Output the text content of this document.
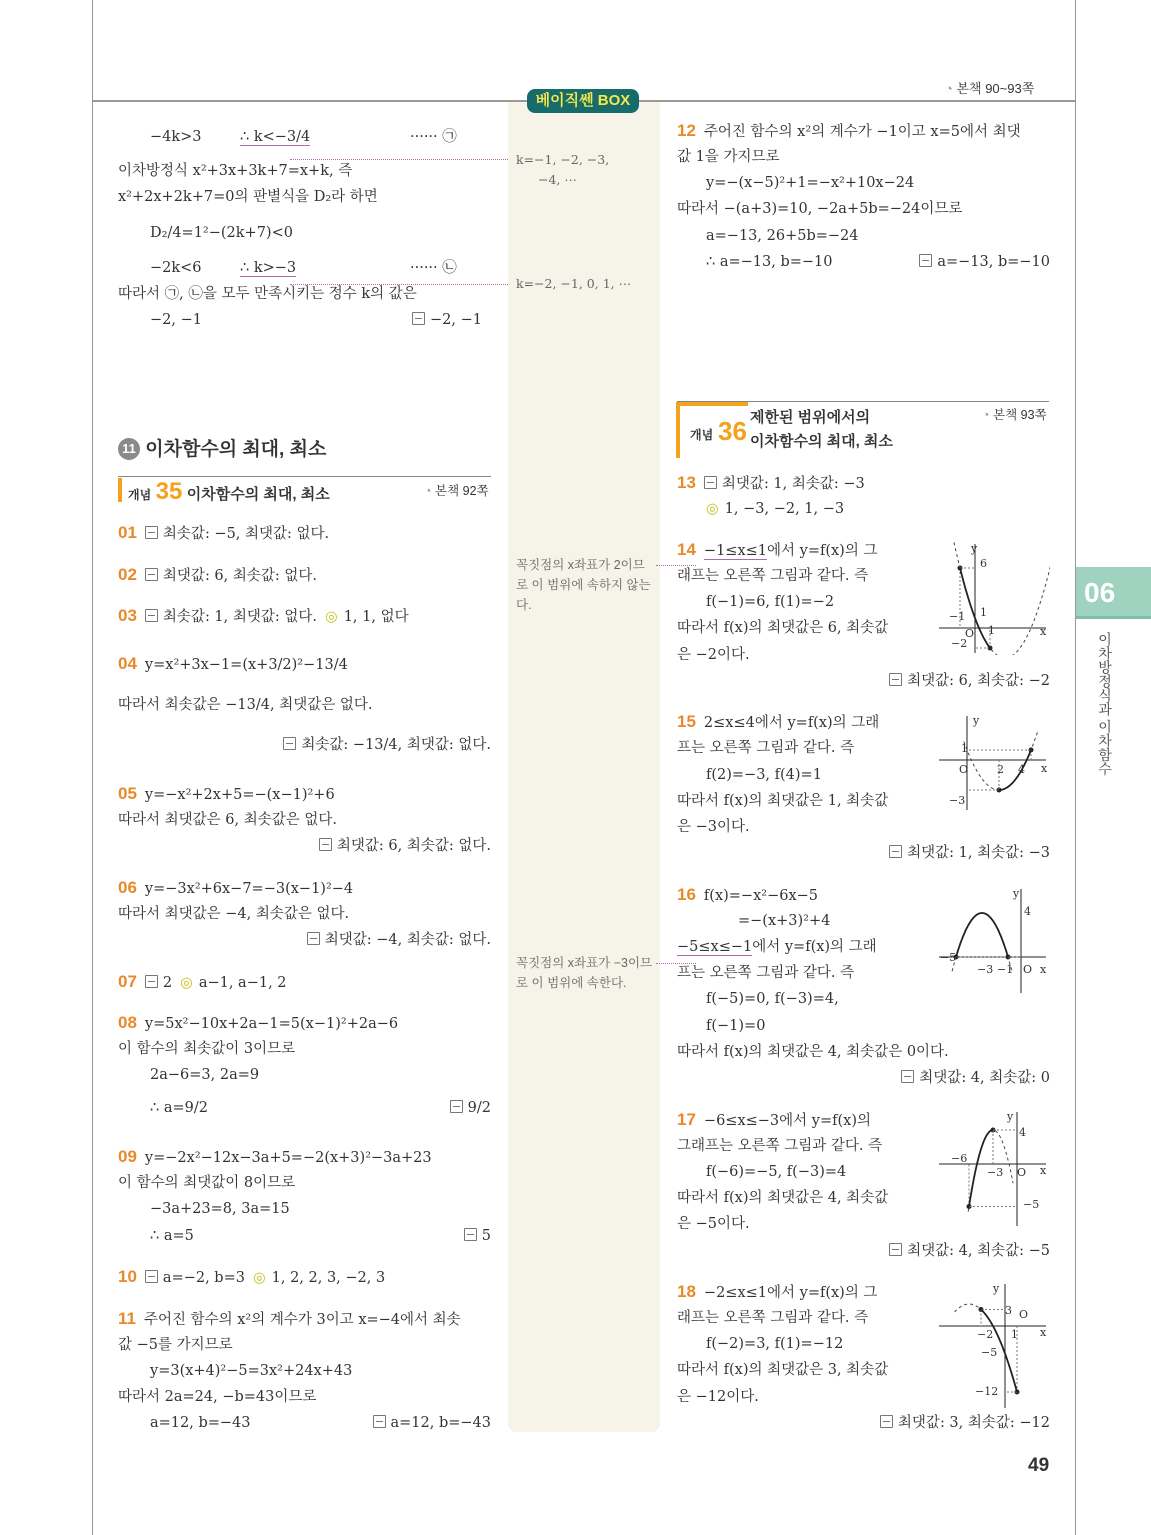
◔ 본책 90~93쪽
베이직쎈 BOX
06
이차방정식과 이차함수
−4k>3	∴ k<−3/4	······ ㉠
이차방정식 x²+3x+3k+7=x+k, 즉
x²+2x+2k+7=0의 판별식을 D₂라 하면
D₂/4=1²−(2k+7)<0
−2k<6	∴ k>−3	······ ㉡
따라서 ㉠, ㉡을 모두 만족시키는 정수 k의 값은
−2, −1	−2, −1
k=−1, −2, −3,
−4, ⋯
k=−2, −1, 0, 1, ⋯
꼭짓점의 x좌표가 2이므로 이 범위에 속하지 않는다.
꼭짓점의 x좌표가 −3이므로 이 범위에 속한다.
11 이차함수의 최대, 최소
개념 35 이차함수의 최대, 최소	◔ 본책 92쪽
01 최솟값: −5, 최댓값: 없다.
02 최댓값: 6, 최솟값: 없다.
03 최솟값: 1, 최댓값: 없다. ◎ 1, 1, 없다
04 y=x²+3x−1=(x+3/2)²−13/4
따라서 최솟값은 −13/4, 최댓값은 없다.
최솟값: −13/4, 최댓값: 없다.
05 y=−x²+2x+5=−(x−1)²+6
따라서 최댓값은 6, 최솟값은 없다.
최댓값: 6, 최솟값: 없다.
06 y=−3x²+6x−7=−3(x−1)²−4
따라서 최댓값은 −4, 최솟값은 없다.
최댓값: −4, 최솟값: 없다.
07 2 ◎ a−1, a−1, 2
08 y=5x²−10x+2a−1=5(x−1)²+2a−6
이 함수의 최솟값이 3이므로
2a−6=3, 2a=9
∴ a=9/2	9/2
09 y=−2x²−12x−3a+5=−2(x+3)²−3a+23
이 함수의 최댓값이 8이므로
−3a+23=8, 3a=15
∴ a=5	5
10 a=−2, b=3 ◎ 1, 2, 2, 3, −2, 3
11 주어진 함수의 x²의 계수가 3이고 x=−4에서 최솟
값 −5를 가지므로
y=3(x+4)²−5=3x²+24x+43
따라서 2a=24, −b=43이므로
a=12, b=−43	a=12, b=−43
12 주어진 함수의 x²의 계수가 −1이고 x=5에서 최댓
값 1을 가지므로
y=−(x−5)²+1=−x²+10x−24
따라서 −(a+3)=10, −2a+5b=−24이므로
a=−13, 26+5b=−24
∴ a=−13, b=−10	a=−13, b=−10
개념 36 제한된 범위에서의
이차함수의 최대, 최소
◔ 본책 93쪽
13 최댓값: 1, 최솟값: −3
◎ 1, −3, −2, 1, −3
14 −1≤x≤1에서 y=f(x)의 그
래프는 오른쪽 그림과 같다. 즉
f(−1)=6, f(1)=−2
따라서 f(x)의 최댓값은 6, 최솟값
은 −2이다.
최댓값: 6, 최솟값: −2
y
6
1
−1
O 1	x
−2
15 2≤x≤4에서 y=f(x)의 그래
프는 오른쪽 그림과 같다. 즉
f(2)=−3, f(4)=1
따라서 f(x)의 최댓값은 1, 최솟값
은 −3이다.
최댓값: 1, 최솟값: −3
y
1
O	2 4 x
−3
16 f(x)=−x²−6x−5
=−(x+3)²+4
−5≤x≤−1에서 y=f(x)의 그래
프는 오른쪽 그림과 같다. 즉
f(−5)=0, f(−3)=4,
f(−1)=0
따라서 f(x)의 최댓값은 4, 최솟값은 0이다.
최댓값: 4, 최솟값: 0
y
4
−5
−3 −1 O x
17 −6≤x≤−3에서 y=f(x)의
그래프는 오른쪽 그림과 같다. 즉
f(−6)=−5, f(−3)=4
따라서 f(x)의 최댓값은 4, 최솟값
은 −5이다.
최댓값: 4, 최솟값: −5
y
4
−6
−3 O x
−5
18 −2≤x≤1에서 y=f(x)의 그
래프는 오른쪽 그림과 같다. 즉
f(−2)=3, f(1)=−12
따라서 f(x)의 최댓값은 3, 최솟값
은 −12이다.
최댓값: 3, 최솟값: −12
y
3 O
−2 1 x
−5
−12
49
